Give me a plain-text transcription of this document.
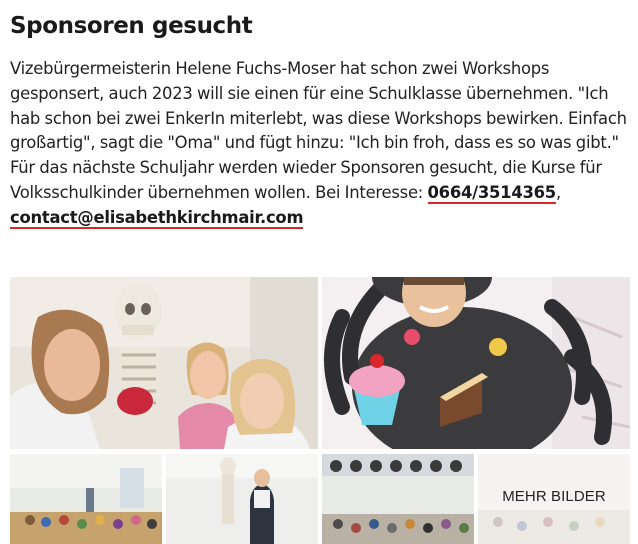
Sponsoren gesucht

Vizebürgermeisterin Helene Fuchs-Moser hat schon zwei Workshops gesponsert, auch 2023 will sie einen für eine Schulklasse übernehmen. "Ich hab schon bei zwei EnkerIn miterlebt, was diese Workshops bewirken. Einfach großartig", sagt die "Oma" und fügt hinzu: "Ich bin froh, dass es so was gibt."

Für das nächste Schuljahr werden wieder Sponsoren gesucht, die Kurse für Volksschulkinder übernehmen wollen. Bei Interesse: 0664/3514365, contact@elisabethkirchmair.com

MEHR BILDER
